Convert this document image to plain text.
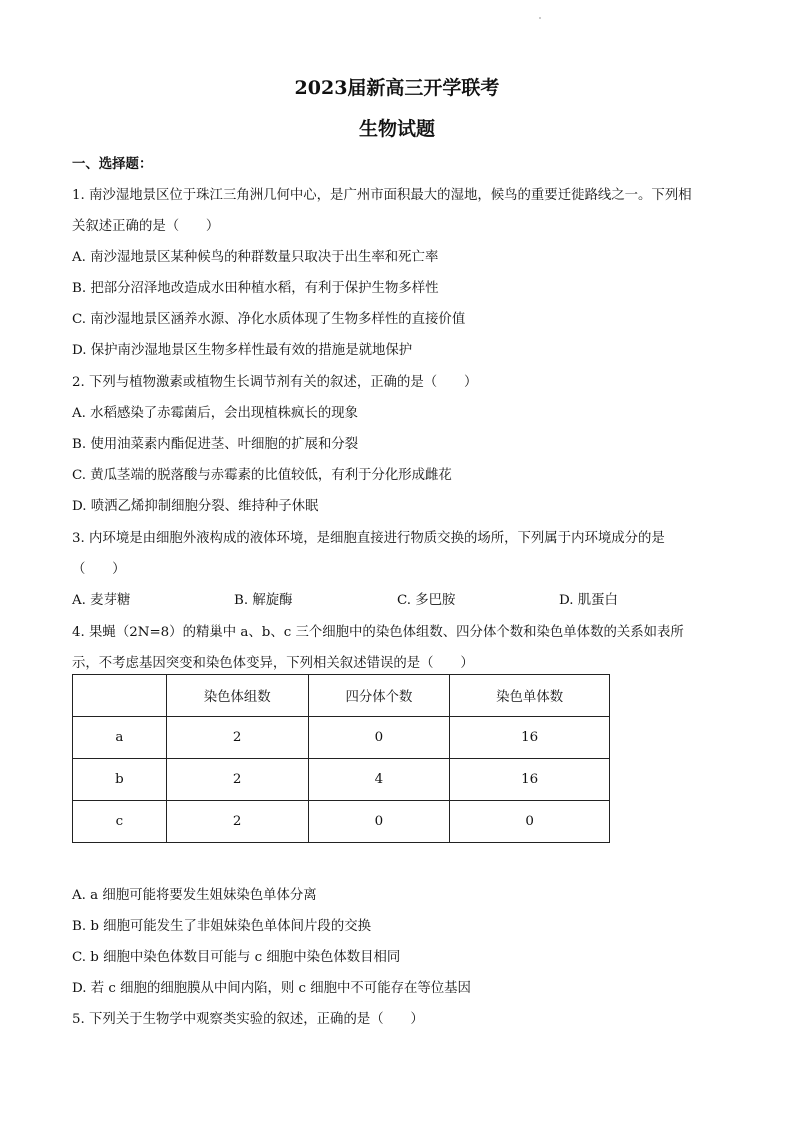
2023届新高三开学联考
生物试题
一、选择题：
1. 南沙湿地景区位于珠江三角洲几何中心，是广州市面积最大的湿地，候鸟的重要迁徙路线之一。下列相
关叙述正确的是（　　）
A. 南沙湿地景区某种候鸟的种群数量只取决于出生率和死亡率
B. 把部分沼泽地改造成水田种植水稻，有利于保护生物多样性
C. 南沙湿地景区涵养水源、净化水质体现了生物多样性的直接价值
D. 保护南沙湿地景区生物多样性最有效的措施是就地保护
2. 下列与植物激素或植物生长调节剂有关的叙述，正确的是（　　）
A. 水稻感染了赤霉菌后，会出现植株疯长的现象
B. 使用油菜素内酯促进茎、叶细胞的扩展和分裂
C. 黄瓜茎端的脱落酸与赤霉素的比值较低，有利于分化形成雌花
D. 喷洒乙烯抑制细胞分裂、维持种子休眠
3. 内环境是由细胞外液构成的液体环境，是细胞直接进行物质交换的场所，下列属于内环境成分的是
（　　）
A. 麦芽糖	B. 解旋酶	C. 多巴胺	D. 肌蛋白
4. 果蝇（2N=8）的精巢中 a、b、c 三个细胞中的染色体组数、四分体个数和染色单体数的关系如表所
示，不考虑基因突变和染色体变异，下列相关叙述错误的是（　　）
	染色体组数	四分体个数	染色单体数
a	2	0	16
b	2	4	16
c	2	0	0
A. a 细胞可能将要发生姐妹染色单体分离
B. b 细胞可能发生了非姐妹染色单体间片段的交换
C. b 细胞中染色体数目可能与 c 细胞中染色体数目相同
D. 若 c 细胞的细胞膜从中间内陷，则 c 细胞中不可能存在等位基因
5. 下列关于生物学中观察类实验的叙述，正确的是（　　）
